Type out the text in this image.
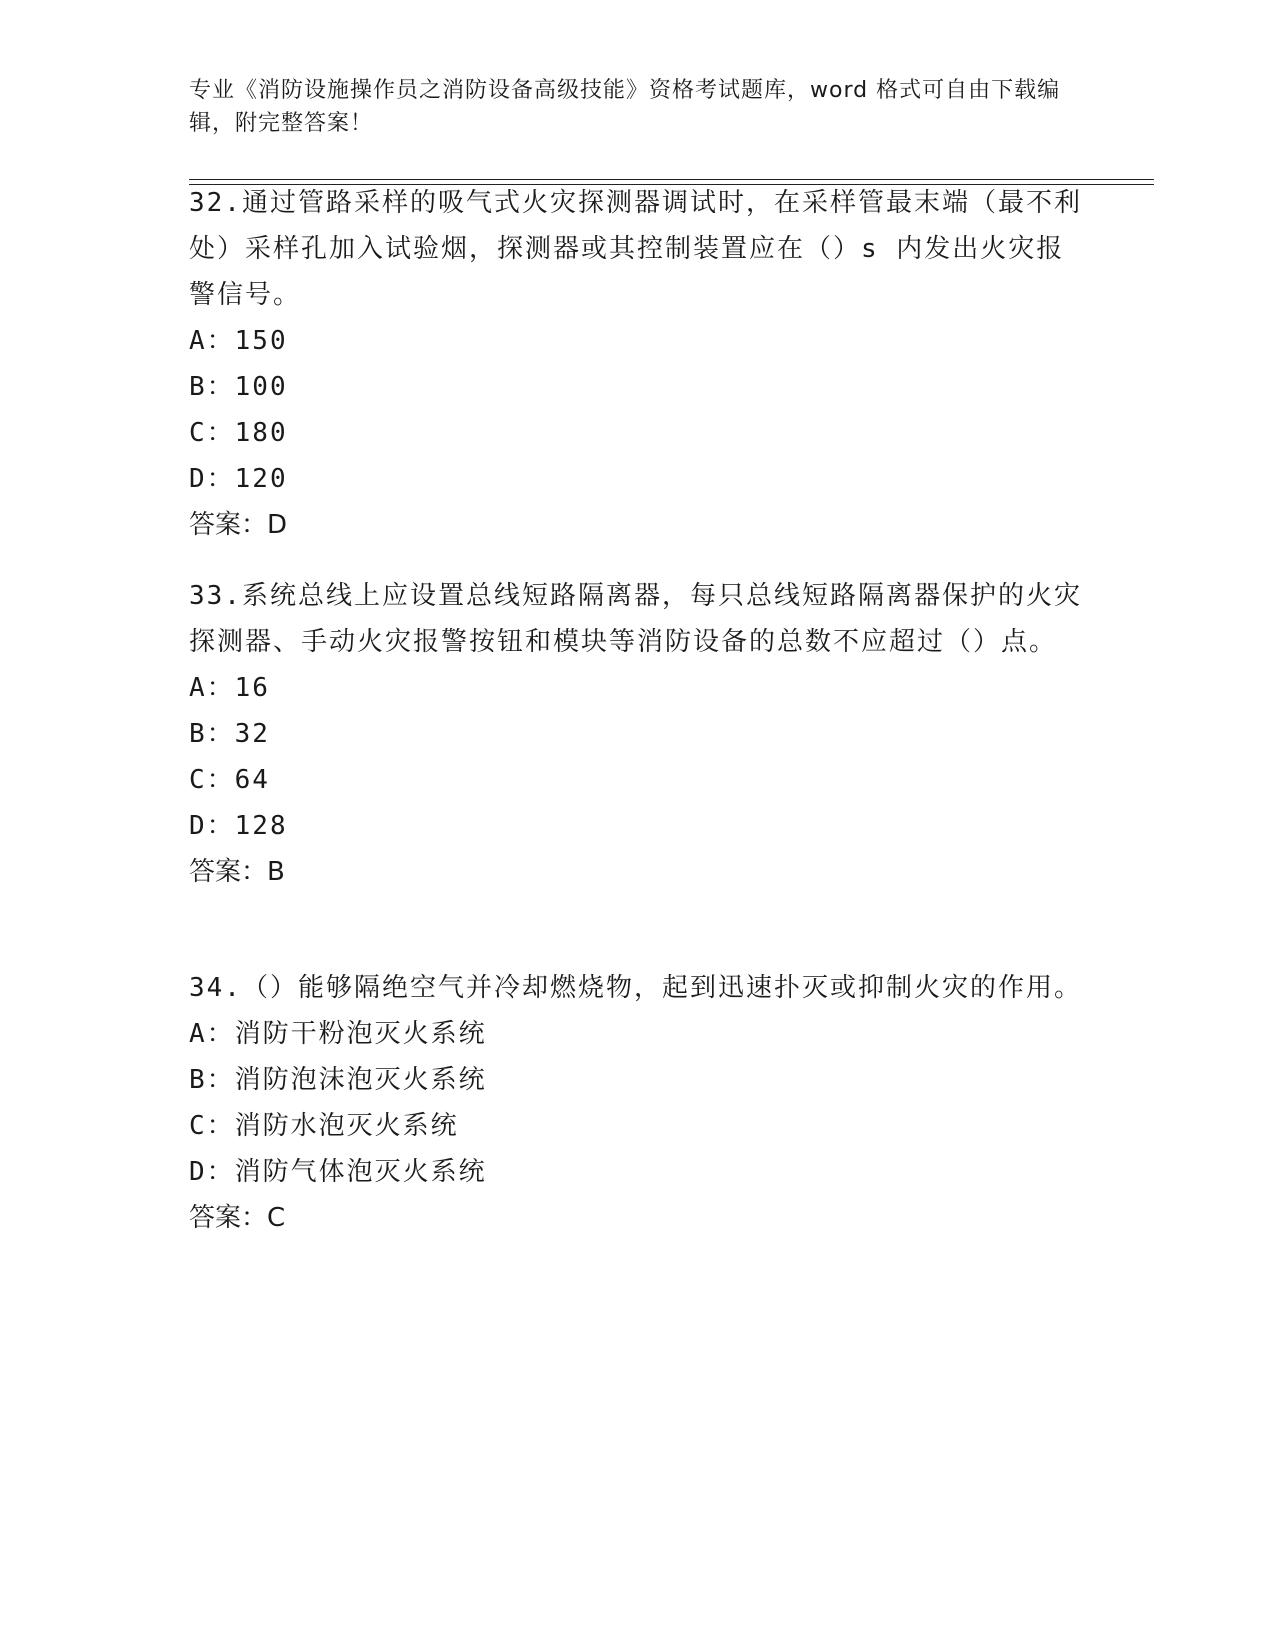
专业《消防设施操作员之消防设备高级技能》资格考试题库，word 格式可自由下载编辑，附完整答案！

32.通过管路采样的吸气式火灾探测器调试时，在采样管最末端（最不利处）采样孔加入试验烟，探测器或其控制装置应在（）s 内发出火灾报警信号。

A：150

B：100

C：180

D：120

答案：D

33.系统总线上应设置总线短路隔离器，每只总线短路隔离器保护的火灾探测器、手动火灾报警按钮和模块等消防设备的总数不应超过（）点。

A：16

B：32

C：64

D：128

答案：B

34.（）能够隔绝空气并冷却燃烧物，起到迅速扑灭或抑制火灾的作用。

A：消防干粉泡灭火系统

B：消防泡沫泡灭火系统

C：消防水泡灭火系统

D：消防气体泡灭火系统

答案：C
